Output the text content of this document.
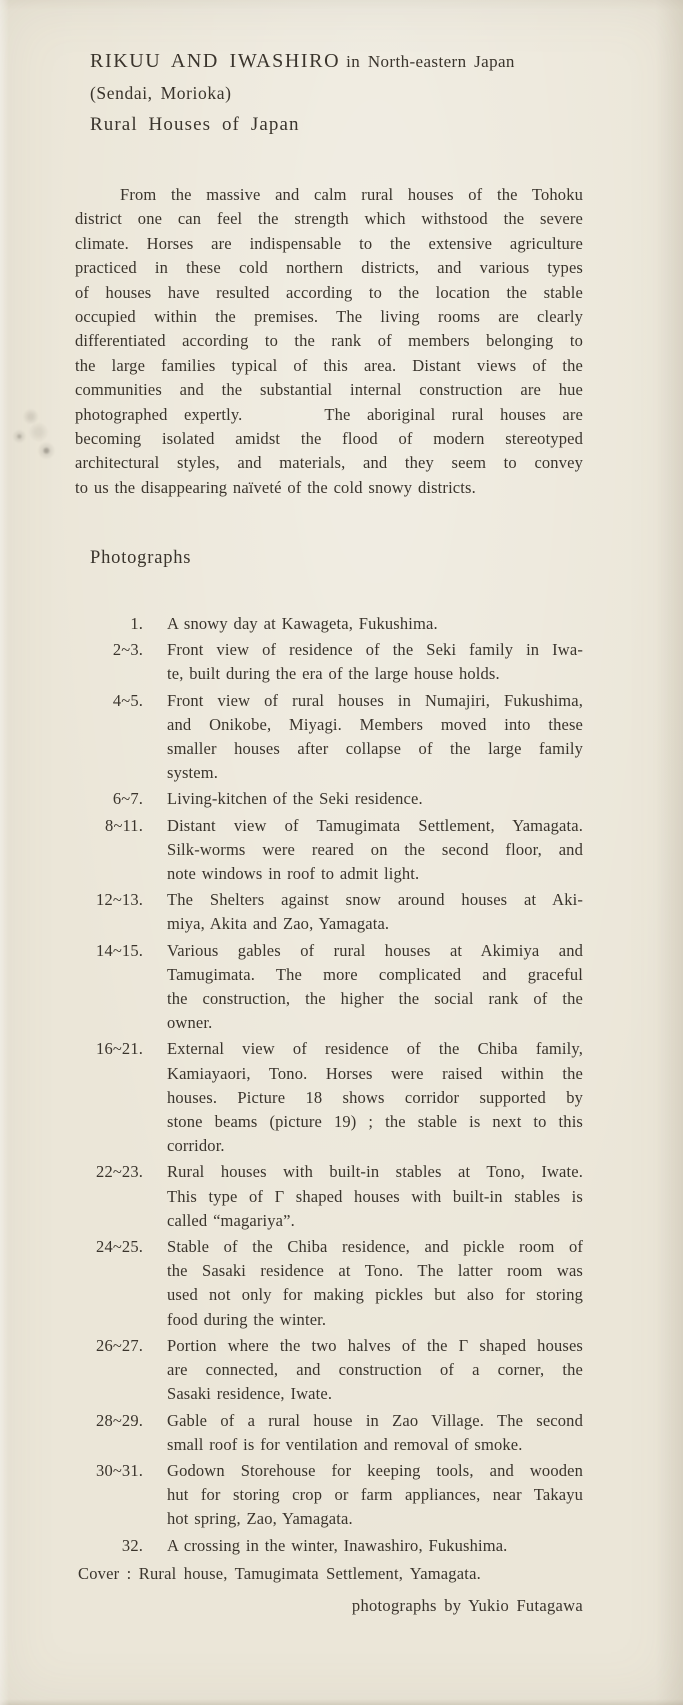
RIKUU AND IWASHIRO in North-eastern Japan
(Sendai, Morioka)
Rural Houses of Japan
From the massive and calm rural houses of the Tohoku
district one can feel the strength which withstood the severe
climate. Horses are indispensable to the extensive agriculture
practiced in these cold northern districts, and various types
of houses have resulted according to the location the stable
occupied within the premises. The living rooms are clearly
differentiated according to the rank of members belonging to
the large families typical of this area. Distant views of the
communities and the substantial internal construction are hue
photographed expertly.     The aboriginal rural houses are
becoming isolated amidst the flood of modern stereotyped
architectural styles, and materials, and they seem to convey
to us the disappearing naïveté of the cold snowy districts.
Photographs
1. A snowy day at Kawageta, Fukushima.
2~3. Front view of residence of the Seki family in Iwa-
te, built during the era of the large house holds.
4~5. Front view of rural houses in Numajiri, Fukushima,
and Onikobe, Miyagi. Members moved into these
smaller houses after collapse of the large family
system.
6~7. Living-kitchen of the Seki residence.
8~11. Distant view of Tamugimata Settlement, Yamagata.
Silk-worms were reared on the second floor, and
note windows in roof to admit light.
12~13. The Shelters against snow around houses at Aki-
miya, Akita and Zao, Yamagata.
14~15. Various gables of rural houses at Akimiya and
Tamugimata. The more complicated and graceful
the construction, the higher the social rank of the
owner.
16~21. External view of residence of the Chiba family,
Kamiayaori, Tono. Horses were raised within the
houses. Picture 18 shows corridor supported by
stone beams (picture 19) ; the stable is next to this
corridor.
22~23. Rural houses with built-in stables at Tono, Iwate.
This type of Γ shaped houses with built-in stables is
called “magariya”.
24~25. Stable of the Chiba residence, and pickle room of
the Sasaki residence at Tono. The latter room was
used not only for making pickles but also for storing
food during the winter.
26~27. Portion where the two halves of the Γ shaped houses
are connected, and construction of a corner, the
Sasaki residence, Iwate.
28~29. Gable of a rural house in Zao Village. The second
small roof is for ventilation and removal of smoke.
30~31. Godown Storehouse for keeping tools, and wooden
hut for storing crop or farm appliances, near Takayu
hot spring, Zao, Yamagata.
32. A crossing in the winter, Inawashiro, Fukushima.
Cover : Rural house, Tamugimata Settlement, Yamagata.
photographs by Yukio Futagawa
